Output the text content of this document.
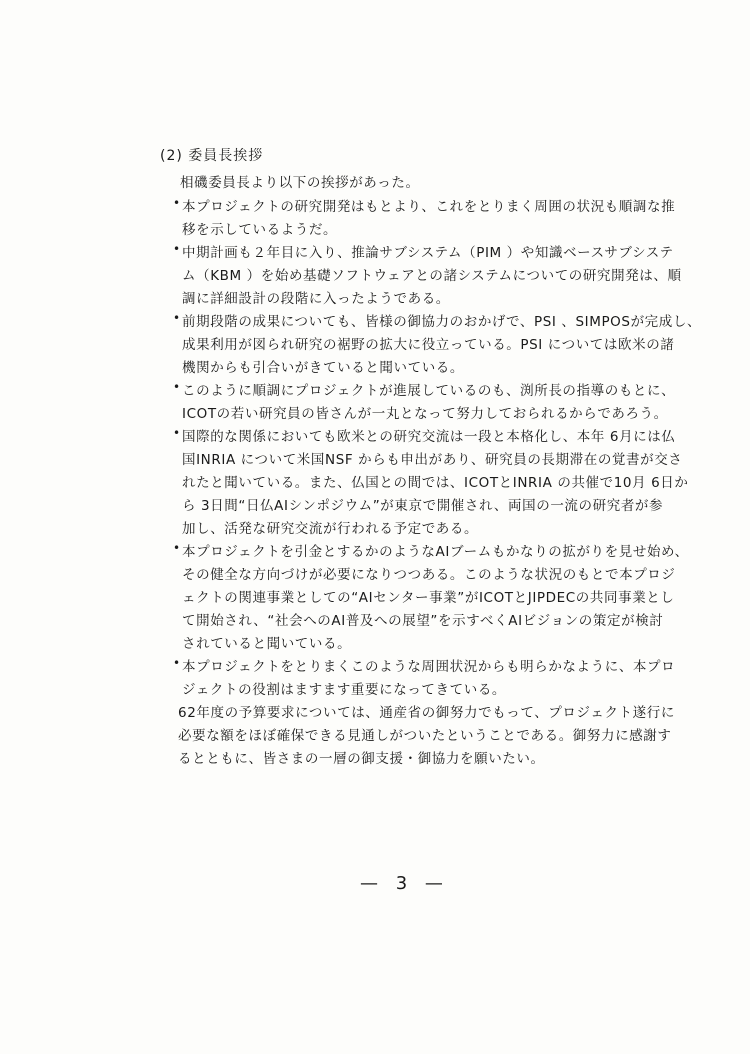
(2) 委員長挨拶
相磯委員長より以下の挨拶があった。
• 本プロジェクトの研究開発はもとより、これをとりまく周囲の状況も順調な推
移を示しているようだ。
• 中期計画も２年目に入り、推論サブシステム（PIM ）や知識ベースサブシステ
ム（KBM ）を始め基礎ソフトウェアとの諸システムについての研究開発は、順
調に詳細設計の段階に入ったようである。
• 前期段階の成果についても、皆様の御協力のおかげで、PSI 、SIMPOSが完成し、
成果利用が図られ研究の裾野の拡大に役立っている。PSI については欧米の諸
機関からも引合いがきていると聞いている。
• このように順調にプロジェクトが進展しているのも、渕所長の指導のもとに、
ICOTの若い研究員の皆さんが一丸となって努力しておられるからであろう。
• 国際的な関係においても欧米との研究交流は一段と本格化し、本年 6月には仏
国INRIA について米国NSF からも申出があり、研究員の長期滞在の覚書が交さ
れたと聞いている。また、仏国との間では、ICOTとINRIA の共催で10月 6日か
ら 3日間“日仏AIシンポジウム”が東京で開催され、両国の一流の研究者が参
加し、活発な研究交流が行われる予定である。
• 本プロジェクトを引金とするかのようなAIブームもかなりの拡がりを見せ始め、
その健全な方向づけが必要になりつつある。このような状況のもとで本プロジ
ェクトの関連事業としての“AIセンター事業”がICOTとJIPDECの共同事業とし
て開始され、“社会へのAI普及への展望”を示すべくAIビジョンの策定が検討
されていると聞いている。
• 本プロジェクトをとりまくこのような周囲状況からも明らかなように、本プロ
ジェクトの役割はますます重要になってきている。
62年度の予算要求については、通産省の御努力でもって、プロジェクト遂行に
必要な額をほぼ確保できる見通しがついたということである。御努力に感謝す
るとともに、皆さまの一層の御支援・御協力を願いたい。
— 3 —
